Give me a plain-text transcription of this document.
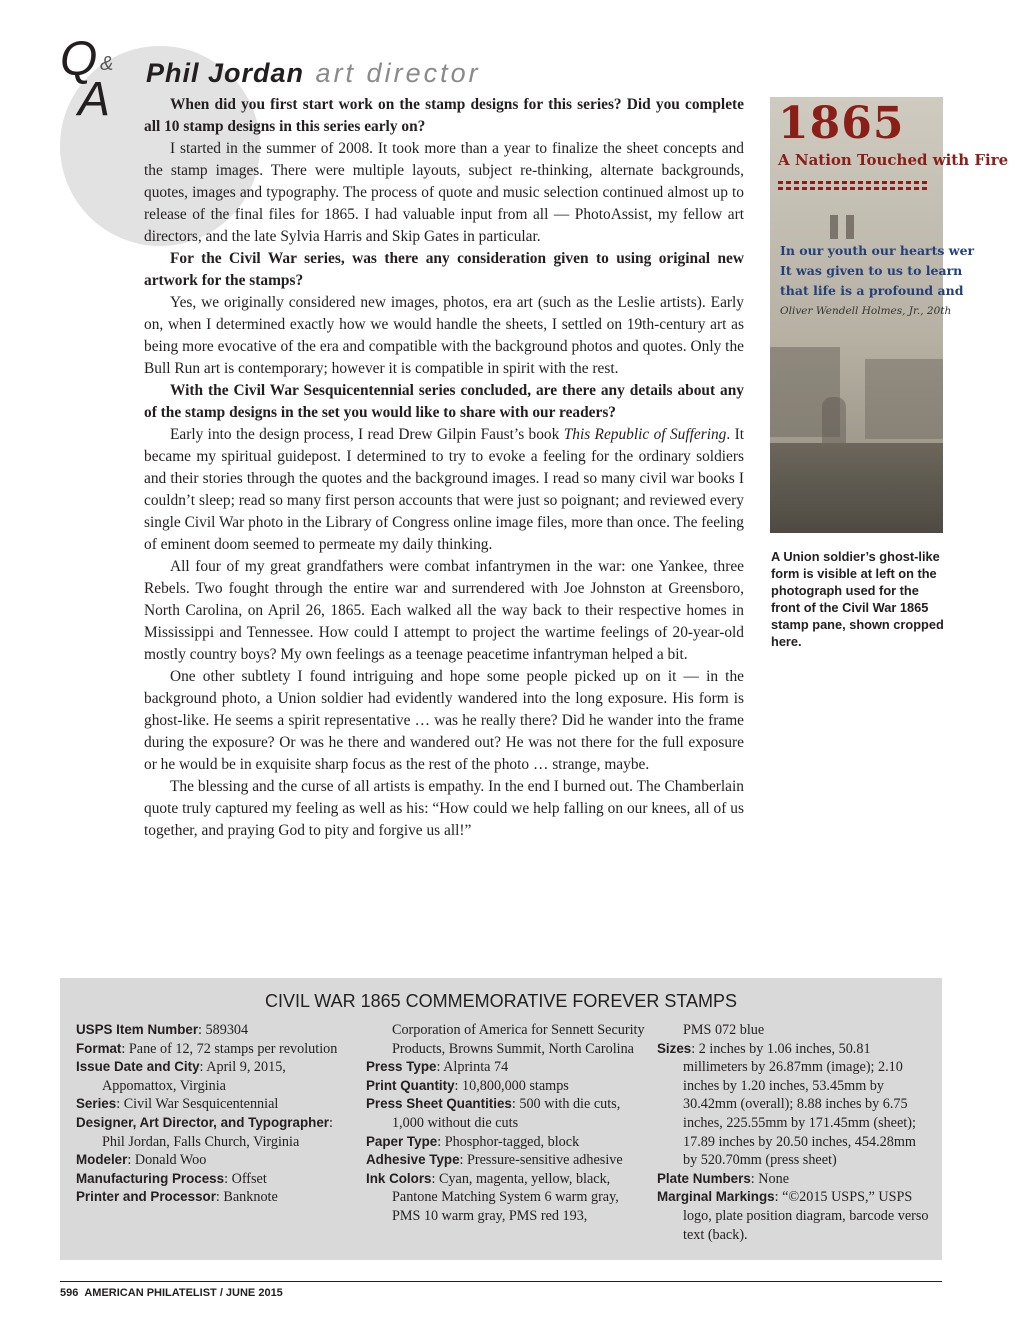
Q &
A Phil Jordan art director

When did you first start work on the stamp designs for this series? Did you complete all 10 stamp designs in this series early on?

I started in the summer of 2008. It took more than a year to finalize the sheet concepts and the stamp images. There were multiple layouts, subject re-thinking, alternate backgrounds, quotes, images and typography. The process of quote and music selection continued almost up to release of the final files for 1865. I had valuable input from all — PhotoAssist, my fellow art directors, and the late Sylvia Harris and Skip Gates in particular.

For the Civil War series, was there any consideration given to using original new artwork for the stamps?

Yes, we originally considered new images, photos, era art (such as the Leslie artists). Early on, when I determined exactly how we would handle the sheets, I settled on 19th-century art as being more evocative of the era and compatible with the background photos and quotes. Only the Bull Run art is contemporary; however it is compatible in spirit with the rest.

With the Civil War Sesquicentennial series concluded, are there any details about any of the stamp designs in the set you would like to share with our readers?

Early into the design process, I read Drew Gilpin Faust’s book This Republic of Suffering. It became my spiritual guidepost. I determined to try to evoke a feeling for the ordinary soldiers and their stories through the quotes and the background images. I read so many civil war books I couldn’t sleep; read so many first person accounts that were just so poignant; and reviewed every single Civil War photo in the Library of Congress online image files, more than once. The feeling of eminent doom seemed to permeate my daily thinking.

All four of my great grandfathers were combat infantrymen in the war: one Yankee, three Rebels. Two fought through the entire war and surrendered with Joe Johnston at Greensboro, North Carolina, on April 26, 1865. Each walked all the way back to their respective homes in Mississippi and Tennessee. How could I attempt to project the wartime feelings of 20-year-old mostly country boys? My own feelings as a teenage peacetime infantryman helped a bit.

One other subtlety I found intriguing and hope some people picked up on it — in the background photo, a Union soldier had evidently wandered into the long exposure. His form is ghost-like. He seems a spirit representative … was he really there? Did he wander into the frame during the exposure? Or was he there and wandered out? He was not there for the full exposure or he would be in exquisite sharp focus as the rest of the photo … strange, maybe.

The blessing and the curse of all artists is empathy. In the end I burned out. The Chamberlain quote truly captured my feeling as well as his: “How could we help falling on our knees, all of us together, and praying God to pity and forgive us all!”

1865
A Nation Touched with Fire
In our youth our hearts wer
It was given to us to learn
that life is a profound and
Oliver Wendell Holmes, Jr., 20th
A Union soldier’s ghost-like form is visible at left on the photograph used for the front of the Civil War 1865 stamp pane, shown cropped here.
CIVIL WAR 1865 COMMEMORATIVE FOREVER STAMPS

USPS Item Number: 589304

Format: Pane of 12, 72 stamps per revolution

Issue Date and City: April 9, 2015, Appomattox, Virginia

Series: Civil War Sesquicentennial

Designer, Art Director, and Typographer: Phil Jordan, Falls Church, Virginia

Modeler: Donald Woo

Manufacturing Process: Offset

Printer and Processor: Banknote

Corporation of America for Sennett Security Products, Browns Summit, North Carolina

Press Type: Alprinta 74

Print Quantity: 10,800,000 stamps

Press Sheet Quantities: 500 with die cuts, 1,000 without die cuts

Paper Type: Phosphor-tagged, block

Adhesive Type: Pressure-sensitive adhesive

Ink Colors: Cyan, magenta, yellow, black, Pantone Matching System 6 warm gray, PMS 10 warm gray, PMS red 193,

PMS 072 blue

Sizes: 2 inches by 1.06 inches, 50.81 millimeters by 26.87mm (image); 2.10 inches by 1.20 inches, 53.45mm by 30.42mm (overall); 8.88 inches by 6.75 inches, 225.55mm by 171.45mm (sheet); 17.89 inches by 20.50 inches, 454.28mm by 520.70mm (press sheet)

Plate Numbers: None

Marginal Markings: “©2015 USPS,” USPS logo, plate position diagram, barcode verso text (back).

596 AMERICAN PHILATELIST / JUNE 2015
